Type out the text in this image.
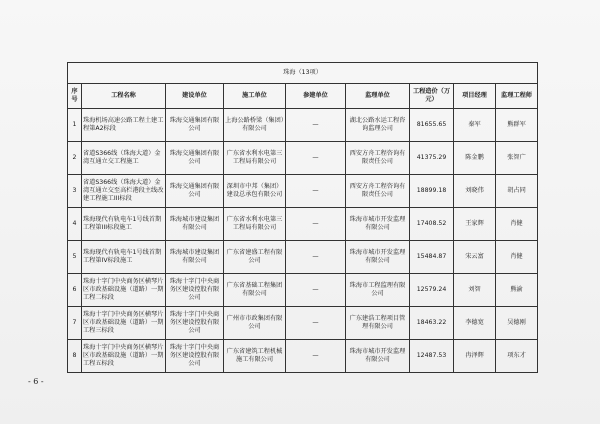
珠海（13项）								
序号	工程名称	建设单位	施工单位	参建单位	监理单位	工程造价（万元）	项目经理	监理工程师
1	珠海机场高速公路工程土建工程第A2标段	珠海交通集团有限公司	上海公路桥梁（集团）有限公司	—	湖北公路水运工程咨询监理公司	81655.65	秦军	熊群军
2	省道S366线（珠海大道）金湾互通立交工程施工	珠海交通集团有限公司	广东省水利水电第三工程局有限公司	—	西安方舟工程咨询有限责任公司	41375.29	陈金鹏	张智广
3	省道S366线（珠海大道）金湾互通立交至高栏港段主线改建工程施工III标段	珠海交通集团有限公司	深圳市中邦（集团）建设总承包有限公司	—	西安方舟工程咨询有限责任公司	18899.18	刘晓伟	胡占同
4	珠海现代有轨电车1号线首期工程第III标段施工	珠海城市建设集团有限公司	广东省水利水电第三工程局有限公司	—	珠海市城市开发监理有限公司	17408.52	王家辉	肖健
5	珠海现代有轨电车1号线首期工程第IV标段施工	珠海城市建设集团有限公司	广东省建盛工程有限公司	—	珠海市城市开发监理有限公司	15484.87	宋云富	肖健
6	珠海十字门中央商务区横琴片区市政基础设施（道路）一期工程二标段	珠海十字门中央商务区建设控股有限公司	广东省基础工程集团有限公司	—	珠海市工程监理有限公司	12579.24	刘智	熊渝
7	珠海十字门中央商务区横琴片区市政基础设施（道路）一期工程三标段	珠海十字门中央商务区建设控股有限公司	广州市市政集团有限公司	—	广东建浩工程项目管理有限公司	18463.22	李德宽	吴德刚
8	珠海十字门中央商务区横琴片区市政基础设施（道路）一期工程五标段	珠海十字门中央商务区建设控股有限公司	广东省建筑工程机械施工有限公司	—	珠海市城市开发监理有限公司	12487.53	冉泽辉	项东才
- 6 -
